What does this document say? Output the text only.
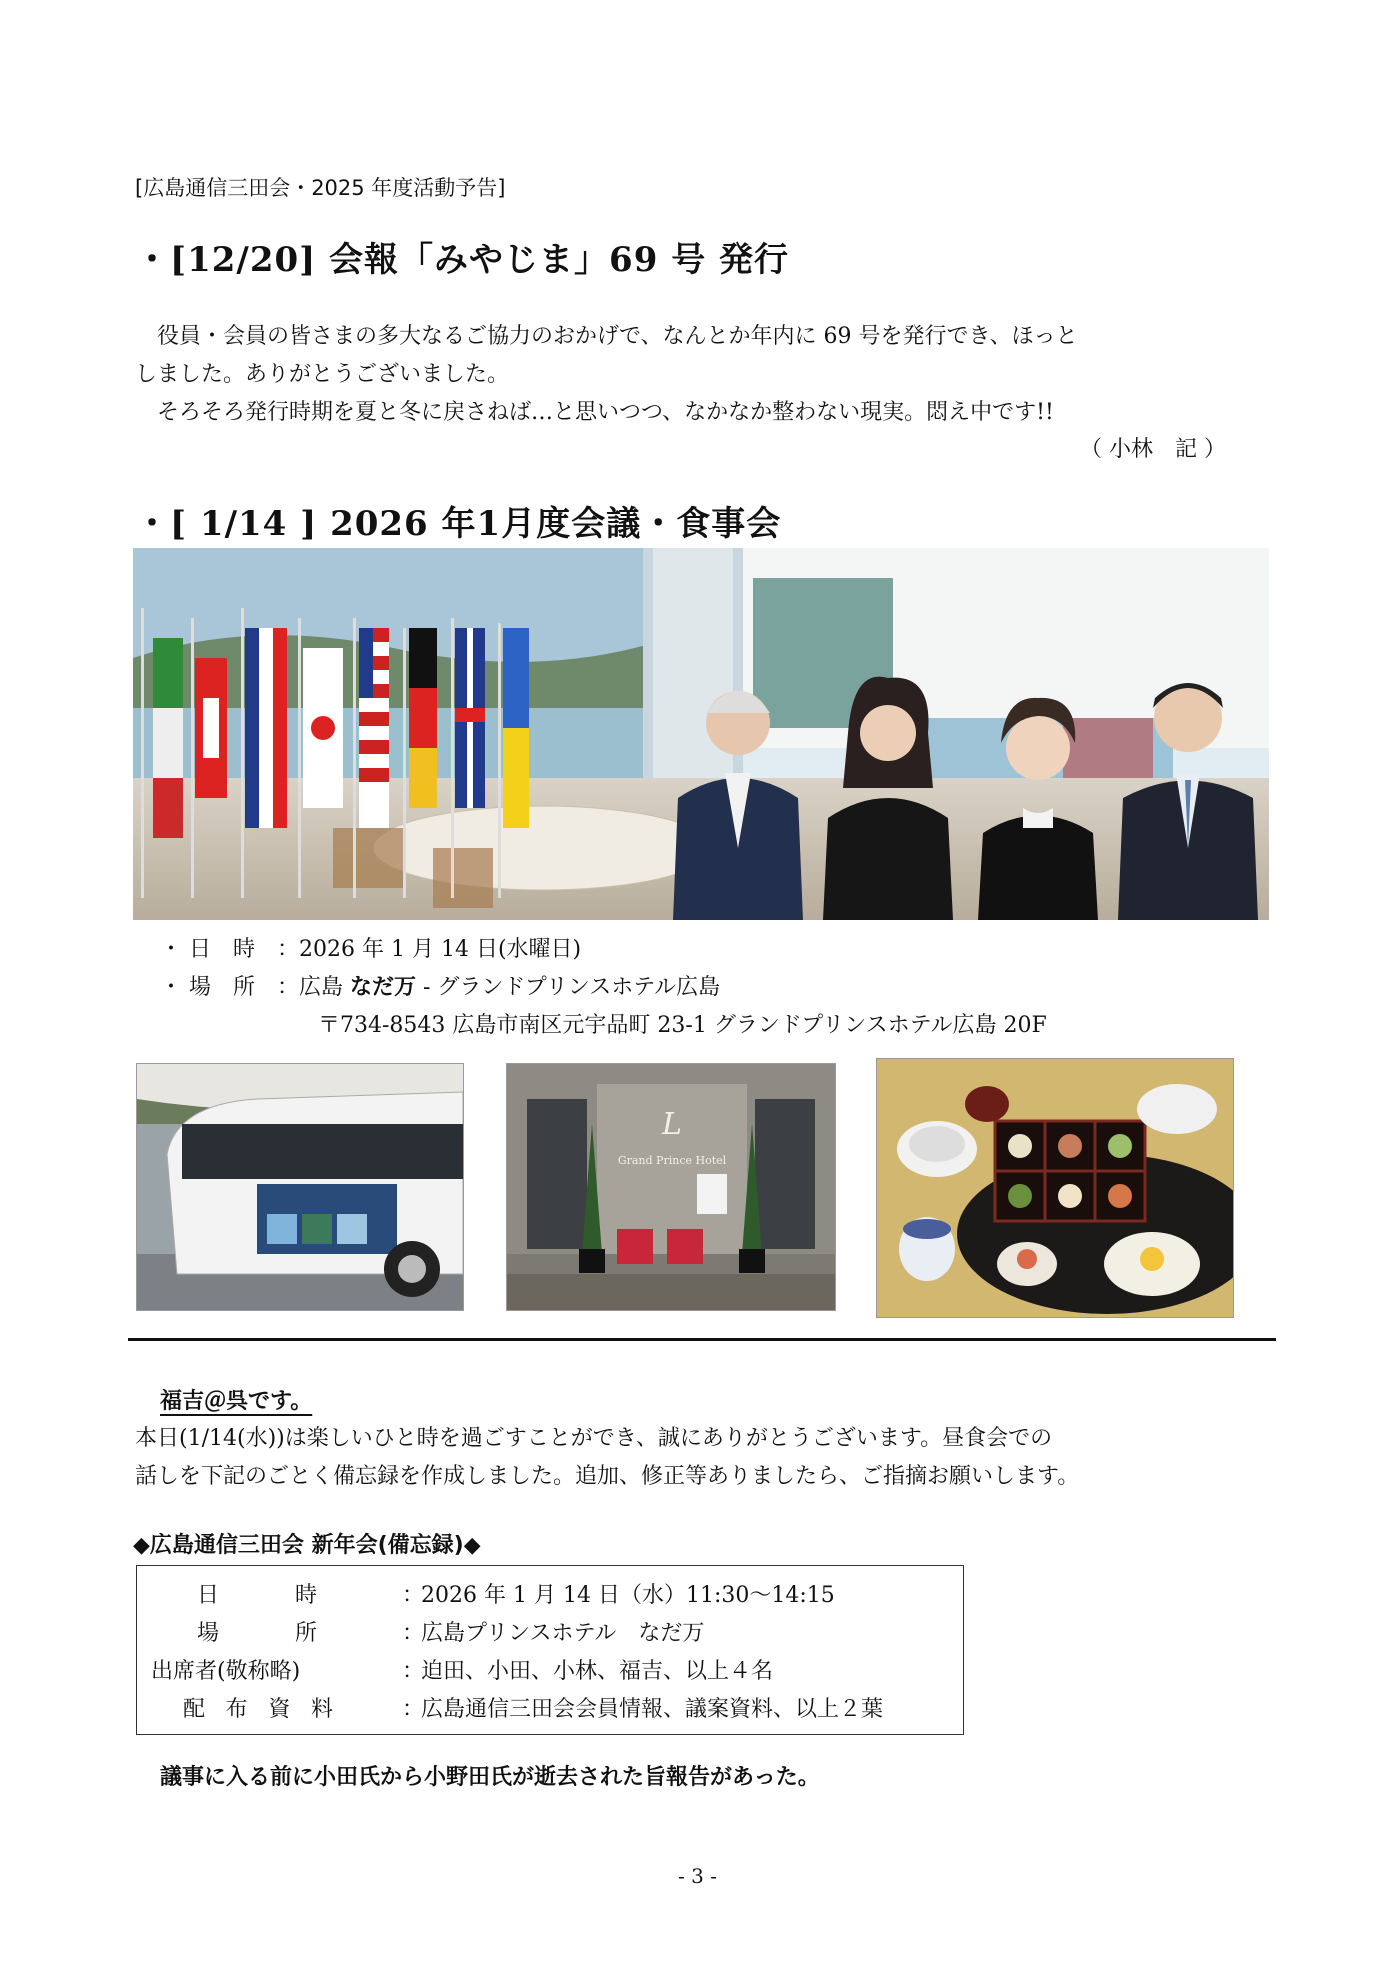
[広島通信三田会・2025 年度活動予告]
・[12/20] 会報「みやじま」69 号 発行
　役員・会員の皆さまの多大なるご協力のおかげで、なんとか年内に 69 号を発行でき、ほっと
しました。ありがとうございました。
　そろそろ発行時期を夏と冬に戻さねば…と思いつつ、なかなか整わない現実。悶え中です!!
（ 小林　記 ）
・[ 1/14 ] 2026 年1月度会議・食事会
・ 日　時　：2026 年 1 月 14 日(水曜日)
・ 場　所　：広島 なだ万 - グランドプリンスホテル広島
〒734-8543 広島市南区元宇品町 23-1 グランドプリンスホテル広島 20F
L
Grand Prince Hotel
福吉＠呉です。
本日(1/14(水))は楽しいひと時を過ごすことができ、誠にありがとうございます。昼食会での
話しを下記のごとく備忘録を作成しました。追加、修正等ありましたら、ご指摘お願いします。
◆広島通信三田会 新年会(備忘録)◆
日　時	：
2026 年 1 月 14 日（水）11:30〜14:15
場　所	：
広島プリンスホテル　なだ万
出席者(敬称略)	：
迫田、小田、小林、福吉、以上４名
配布資料	：
広島通信三田会会員情報、議案資料、以上２葉
議事に入る前に小田氏から小野田氏が逝去された旨報告があった。
- 3 -
